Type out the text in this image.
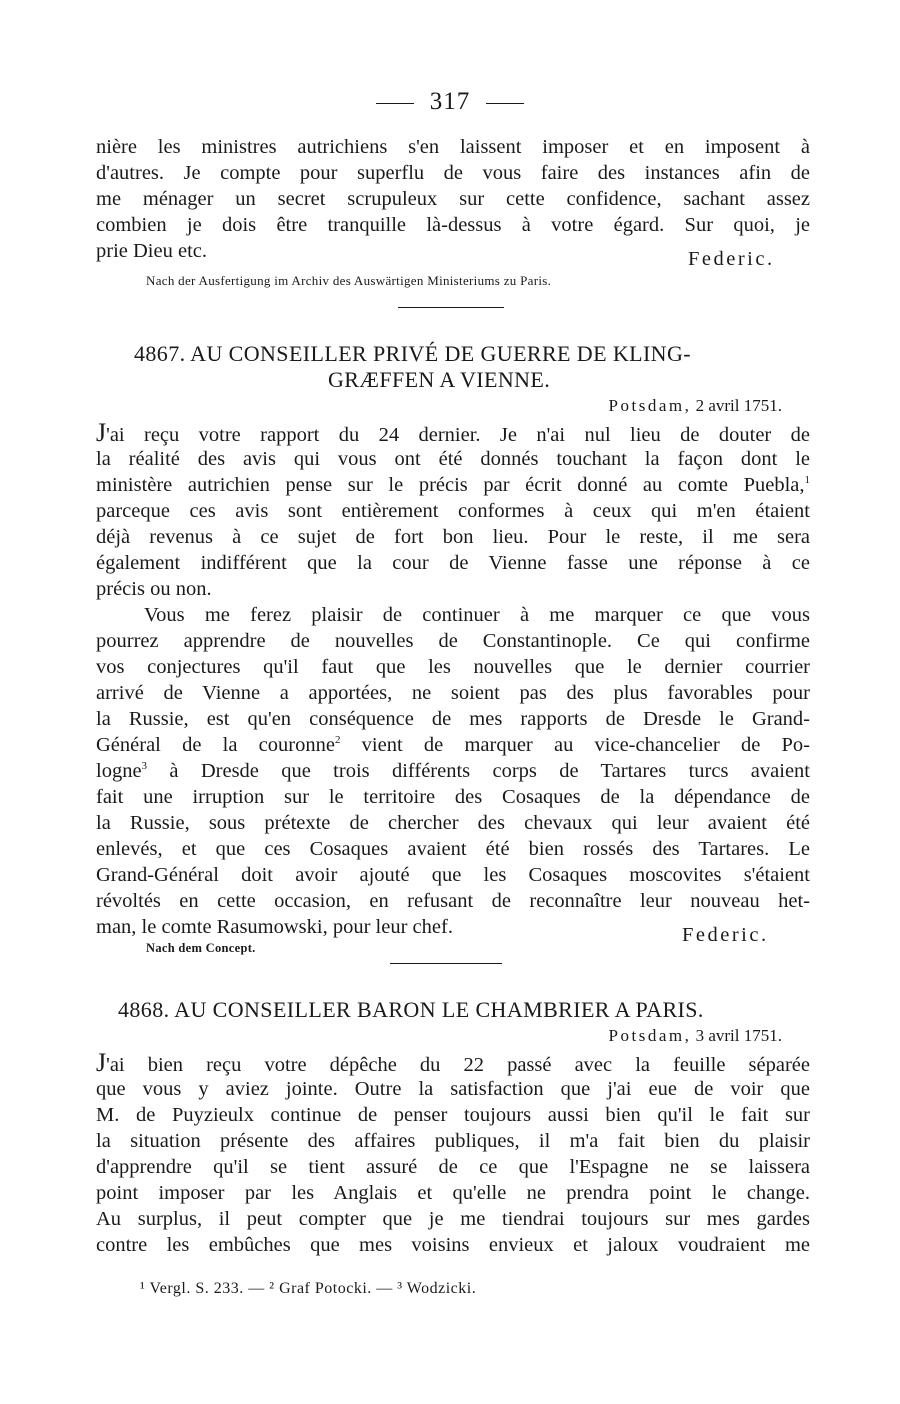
317
nière les ministres autrichiens s'en laissent imposer et en imposent à
d'autres. Je compte pour superflu de vous faire des instances afin de
me ménager un secret scrupuleux sur cette confidence, sachant assez
combien je dois être tranquille là-dessus à votre égard. Sur quoi, je
prie Dieu etc.	Federic.
Nach der Ausfertigung im Archiv des Auswärtigen Ministeriums zu Paris.
4867. AU CONSEILLER PRIVÉ DE GUERRE DE KLING-
GRÆFFEN A VIENNE.
Potsdam, 2 avril 1751.
J'ai reçu votre rapport du 24 dernier. Je n'ai nul lieu de douter de
la réalité des avis qui vous ont été donnés touchant la façon dont le
ministère autrichien pense sur le précis par écrit donné au comte Puebla,$^1$
parceque ces avis sont entièrement conformes à ceux qui m'en étaient
déjà revenus à ce sujet de fort bon lieu. Pour le reste, il me sera
également indifférent que la cour de Vienne fasse une réponse à ce
précis ou non.
Vous me ferez plaisir de continuer à me marquer ce que vous
pourrez apprendre de nouvelles de Constantinople. Ce qui confirme
vos conjectures qu'il faut que les nouvelles que le dernier courrier
arrivé de Vienne a apportées, ne soient pas des plus favorables pour
la Russie, est qu'en conséquence de mes rapports de Dresde le Grand-
Général de la couronne$^2$ vient de marquer au vice-chancelier de Po-
logne$^3$ à Dresde que trois différents corps de Tartares turcs avaient
fait une irruption sur le territoire des Cosaques de la dépendance de
la Russie, sous prétexte de chercher des chevaux qui leur avaient été
enlevés, et que ces Cosaques avaient été bien rossés des Tartares. Le
Grand-Général doit avoir ajouté que les Cosaques moscovites s'étaient
révoltés en cette occasion, en refusant de reconnaître leur nouveau het-
man, le comte Rasumowski, pour leur chef.	Federic.
Nach dem Concept.
4868. AU CONSEILLER BARON LE CHAMBRIER A PARIS.
Potsdam, 3 avril 1751.
J'ai bien reçu votre dépêche du 22 passé avec la feuille séparée
que vous y aviez jointe. Outre la satisfaction que j'ai eue de voir que
M. de Puyzieulx continue de penser toujours aussi bien qu'il le fait sur
la situation présente des affaires publiques, il m'a fait bien du plaisir
d'apprendre qu'il se tient assuré de ce que l'Espagne ne se laissera
point imposer par les Anglais et qu'elle ne prendra point le change.
Au surplus, il peut compter que je me tiendrai toujours sur mes gardes
contre les embûches que mes voisins envieux et jaloux voudraient me
¹ Vergl. S. 233. — ² Graf Potocki. — ³ Wodzicki.
